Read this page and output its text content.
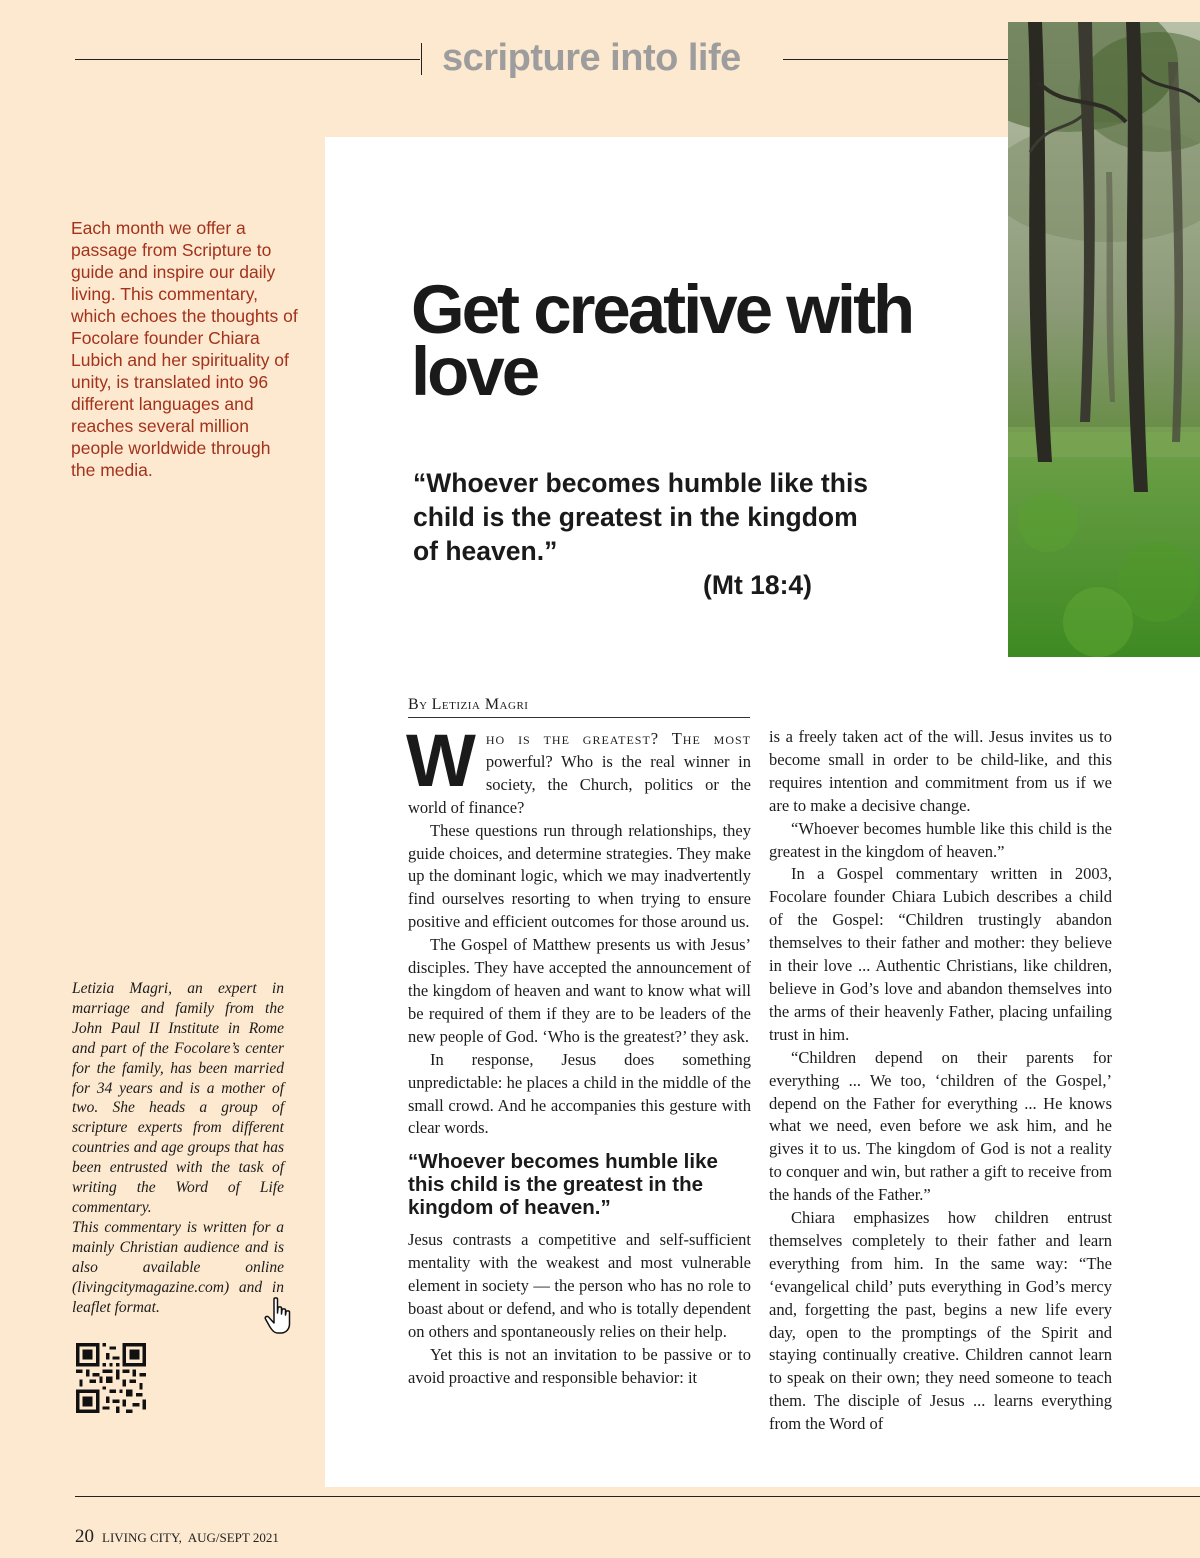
scripture into life
Each month we offer a passage from Scripture to guide and inspire our daily living. This commentary, which echoes the thoughts of Focolare founder Chiara Lubich and her spirituality of unity, is translated into 96 different languages and reaches several million people worldwide through the media.

Letizia Magri, an expert in marriage and family from the John Paul II Institute in Rome and part of the Focolare’s center for the family, has been married for 34 years and is a mother of two. She heads a group of scripture experts from different countries and age groups that has been entrusted with the task of writing the Word of Life commentary.

This commentary is written for a mainly Christian audience and is also available online (livingcitymagazine.com) and in leaflet format.

Get creative with love
“Whoever becomes humble like this child is the greatest in the kingdom of heaven.”
(Mt 18:4)
By Letizia Magri

Who is the greatest? The most powerful? Who is the real winner in society, the Church, politics or the world of finance?

These questions run through relationships, they guide choices, and determine strategies. They make up the dominant logic, which we may inadvertently find ourselves resorting to when trying to ensure positive and efficient outcomes for those around us.

The Gospel of Matthew presents us with Jesus’ disciples. They have accepted the announcement of the kingdom of heaven and want to know what will be required of them if they are to be leaders of the new people of God. ‘Who is the greatest?’ they ask.

In response, Jesus does something unpredictable: he places a child in the middle of the small crowd. And he accompanies this gesture with clear words.

“Whoever becomes humble like this child is the greatest in the kingdom of heaven.”

Jesus contrasts a competitive and self-sufficient mentality with the weakest and most vulnerable element in society — the person who has no role to boast about or defend, and who is totally dependent on others and spontaneously relies on their help.

Yet this is not an invitation to be passive or to avoid proactive and responsible behavior: it

is a freely taken act of the will. Jesus invites us to become small in order to be child-like, and this requires intention and commitment from us if we are to make a decisive change.

“Whoever becomes humble like this child is the greatest in the kingdom of heaven.”

In a Gospel commentary written in 2003, Focolare founder Chiara Lubich describes a child of the Gospel: “Children trustingly abandon themselves to their father and mother: they believe in their love ... Authentic Christians, like children, believe in God’s love and abandon themselves into the arms of their heavenly Father, placing unfailing trust in him.

“Children depend on their parents for everything ... We too, ‘children of the Gospel,’ depend on the Father for everything ... He knows what we need, even before we ask him, and he gives it to us. The kingdom of God is not a reality to conquer and win, but rather a gift to receive from the hands of the Father.”

Chiara emphasizes how children entrust themselves completely to their father and learn everything from him. In the same way: “The ‘evangelical child’ puts everything in God’s mercy and, forgetting the past, begins a new life every day, open to the promptings of the Spirit and staying continually creative. Children cannot learn to speak on their own; they need someone to teach them. The disciple of Jesus ... learns everything from the Word of

20 LIVING CITY, AUG/SEPT 2021
